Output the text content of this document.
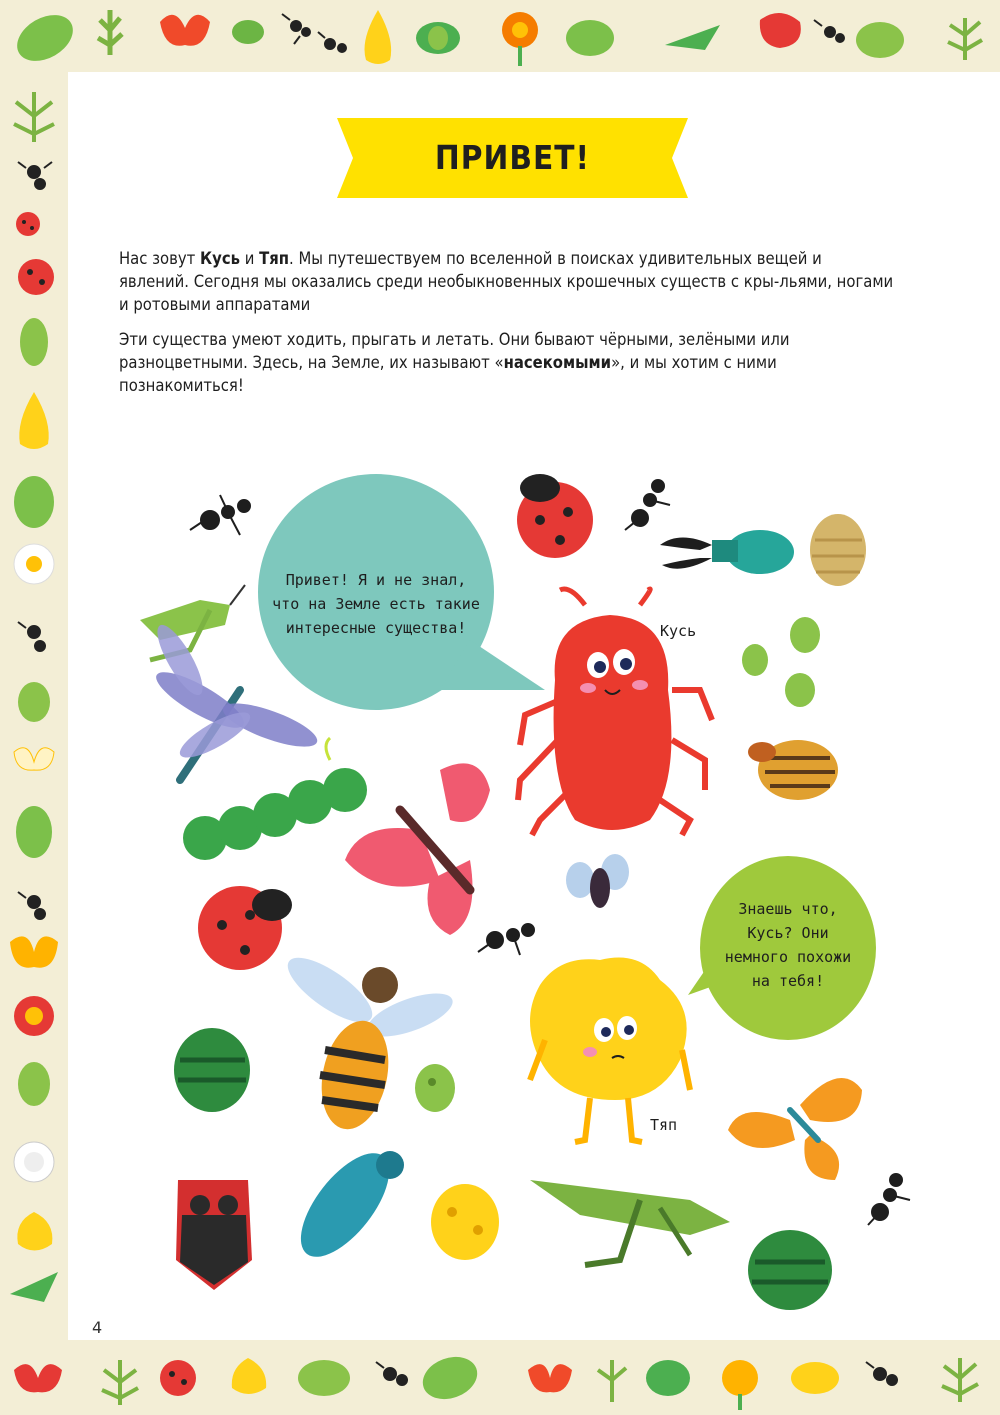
ПРИВЕТ!

Нас зовут Кусь и Тяп. Мы путешествуем по вселенной в поисках удивительных вещей и явлений. Сегодня мы оказались среди необыкновенных крошечных существ с кры-льями, ногами и ротовыми аппаратами

Эти существа умеют ходить, прыгать и летать. Они бывают чёрными, зелёными или разноцветными. Здесь, на Земле, их называют «насекомыми», и мы хотим с ними познакомиться!

Привет! Я и не знал,
что на Земле есть такие
интересные существа!
Знаешь что,
Кусь? Они
немного похожи
на тебя!
Кусь
Тяп
4
